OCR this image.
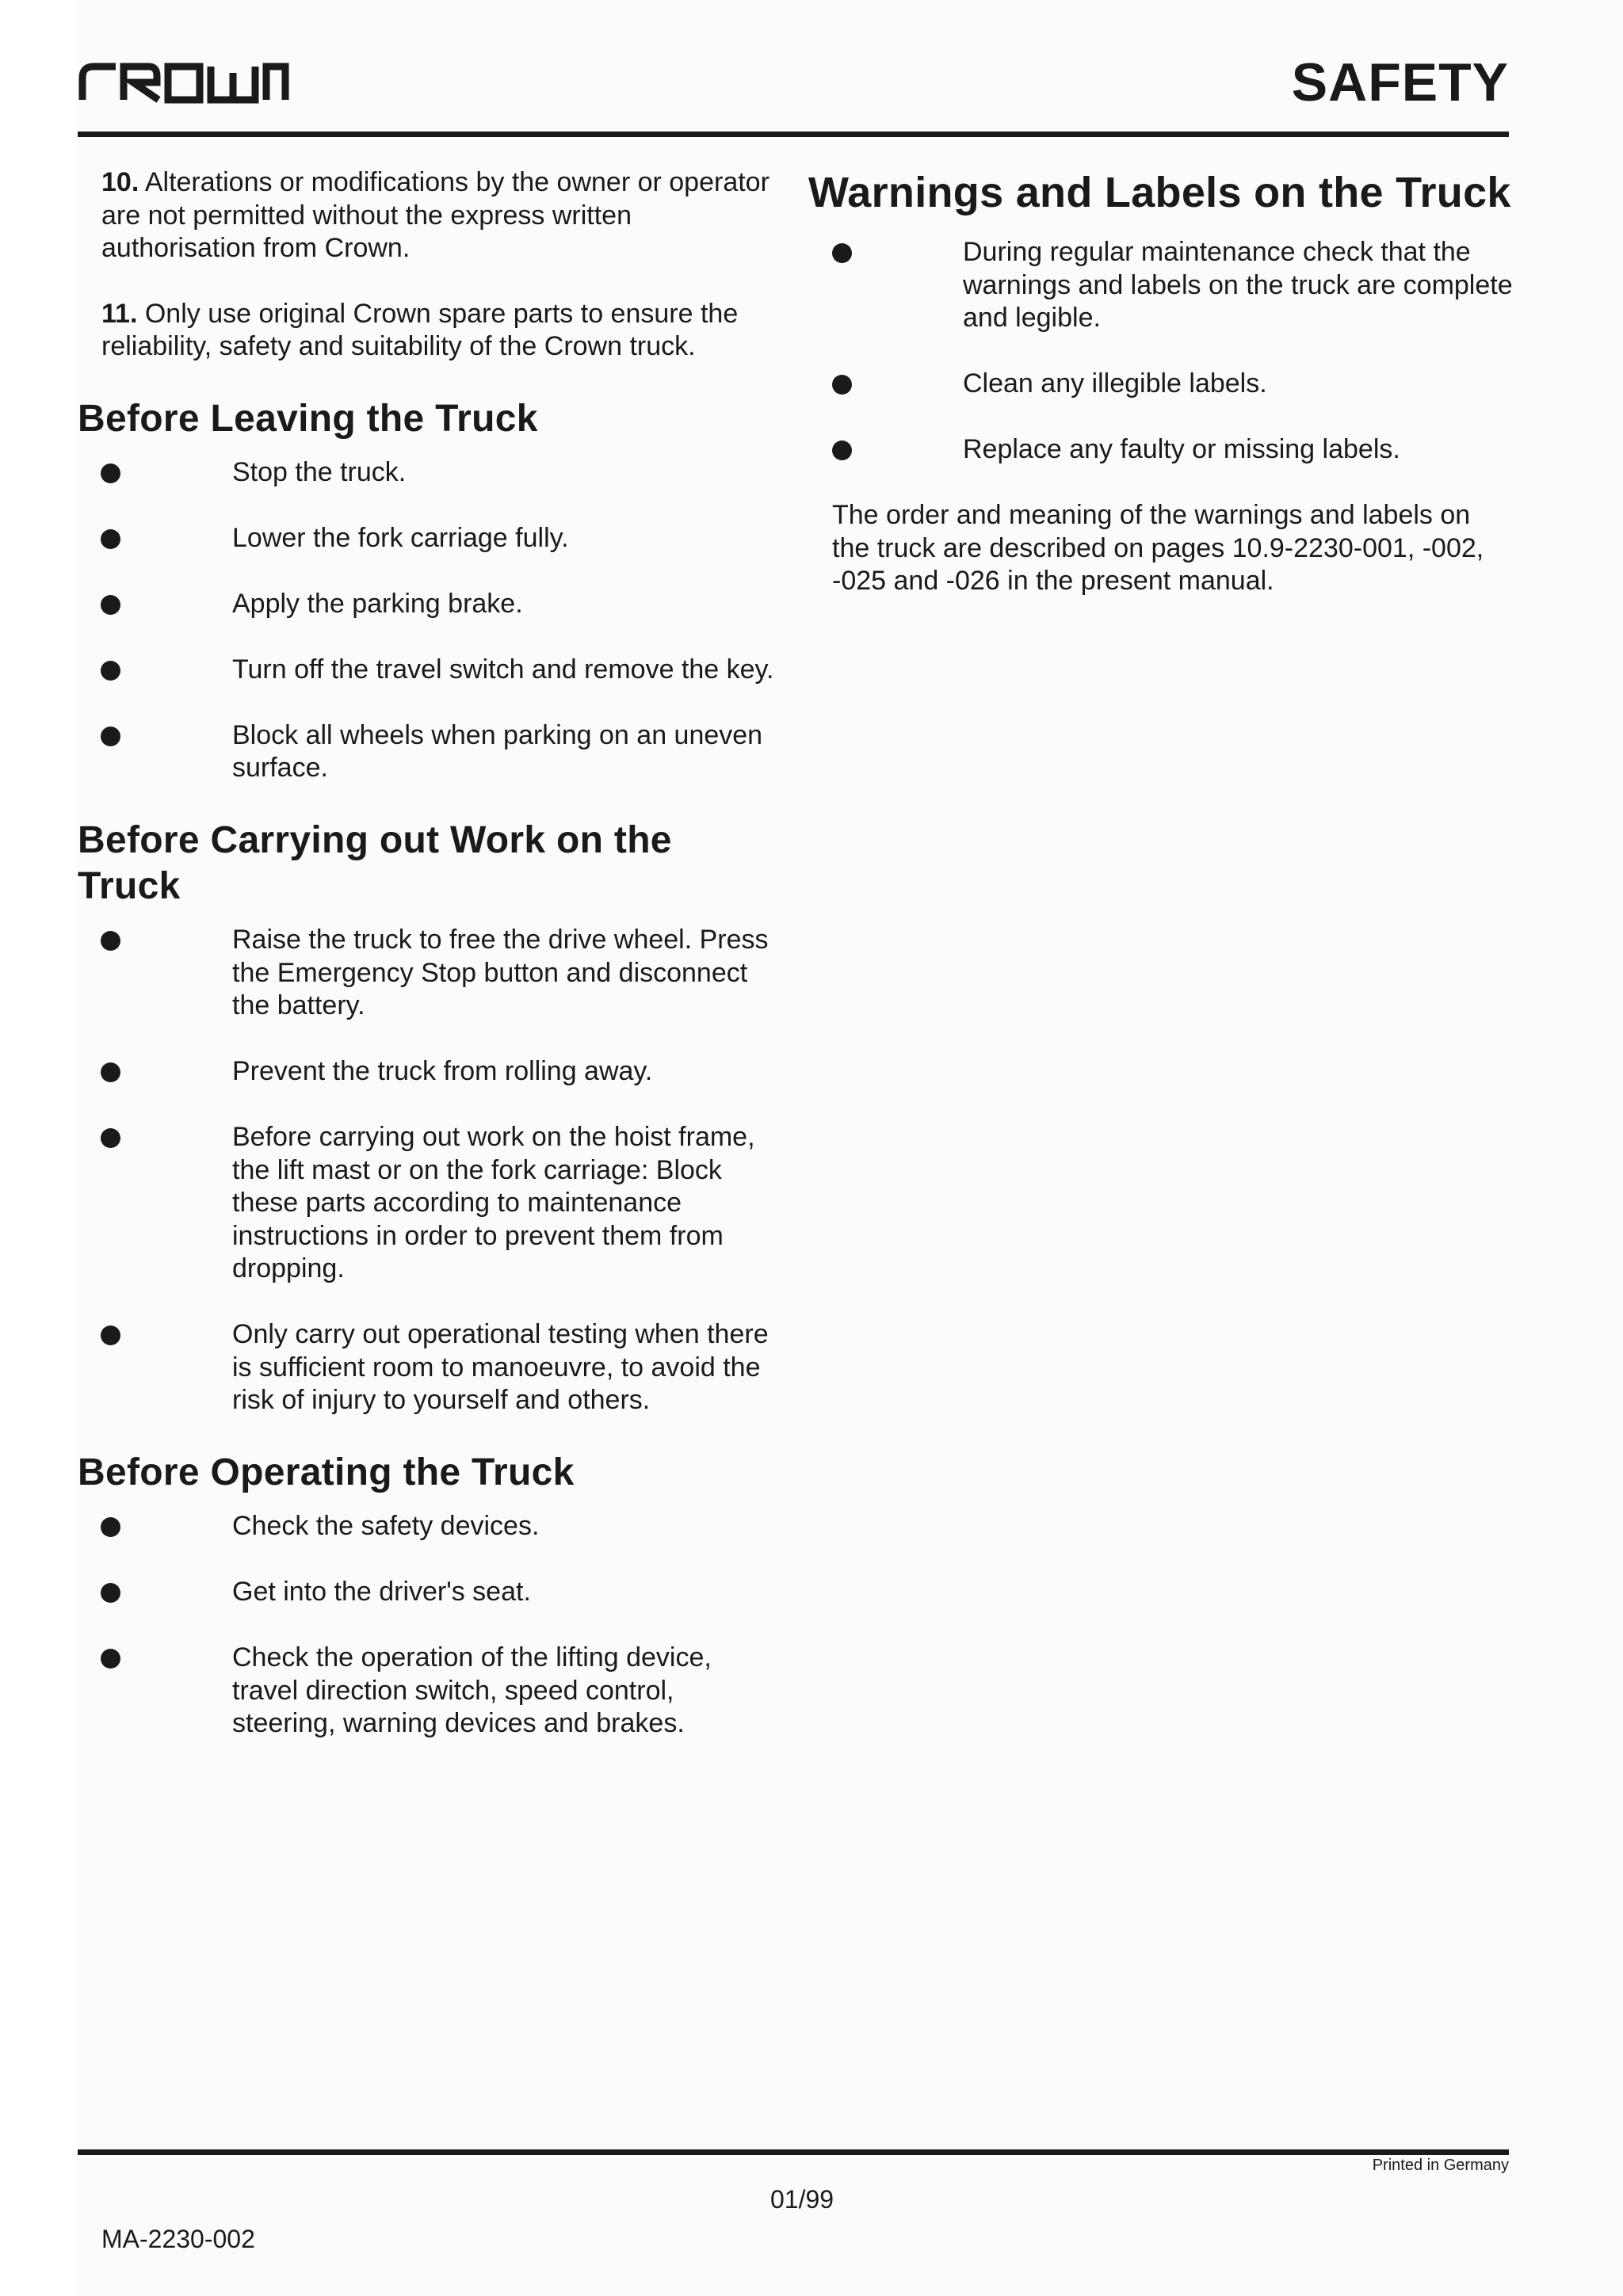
SAFETY

10. Alterations or modifications by the owner or operator are not permitted without the express written authorisation from Crown.

11. Only use original Crown spare parts to ensure the reliability, safety and suitability of the Crown truck.

Before Leaving the Truck
Stop the truck.
Lower the fork carriage fully.
Apply the parking brake.
Turn off the travel switch and remove the key.
Block all wheels when parking on an uneven surface.
Before Carrying out Work on the Truck
Raise the truck to free the drive wheel. Press the Emergency Stop button and disconnect the battery.
Prevent the truck from rolling away.
Before carrying out work on the hoist frame, the lift mast or on the fork carriage: Block these parts according to maintenance instructions in order to prevent them from dropping.
Only carry out operational testing when there is sufficient room to manoeuvre, to avoid the risk of injury to yourself and others.
Before Operating the Truck
Check the safety devices.
Get into the driver's seat.
Check the operation of the lifting device, travel direction switch, speed control, steering, warning devices and brakes.
Warnings and Labels on the Truck
During regular maintenance check that the warnings and labels on the truck are complete and legible.
Clean any illegible labels.
Replace any faulty or missing labels.

The order and meaning of the warnings and labels on the truck are described on pages 10.9-2230-001, -002, -025 and -026 in the present manual.

Printed in Germany
01/99
MA-2230-002
